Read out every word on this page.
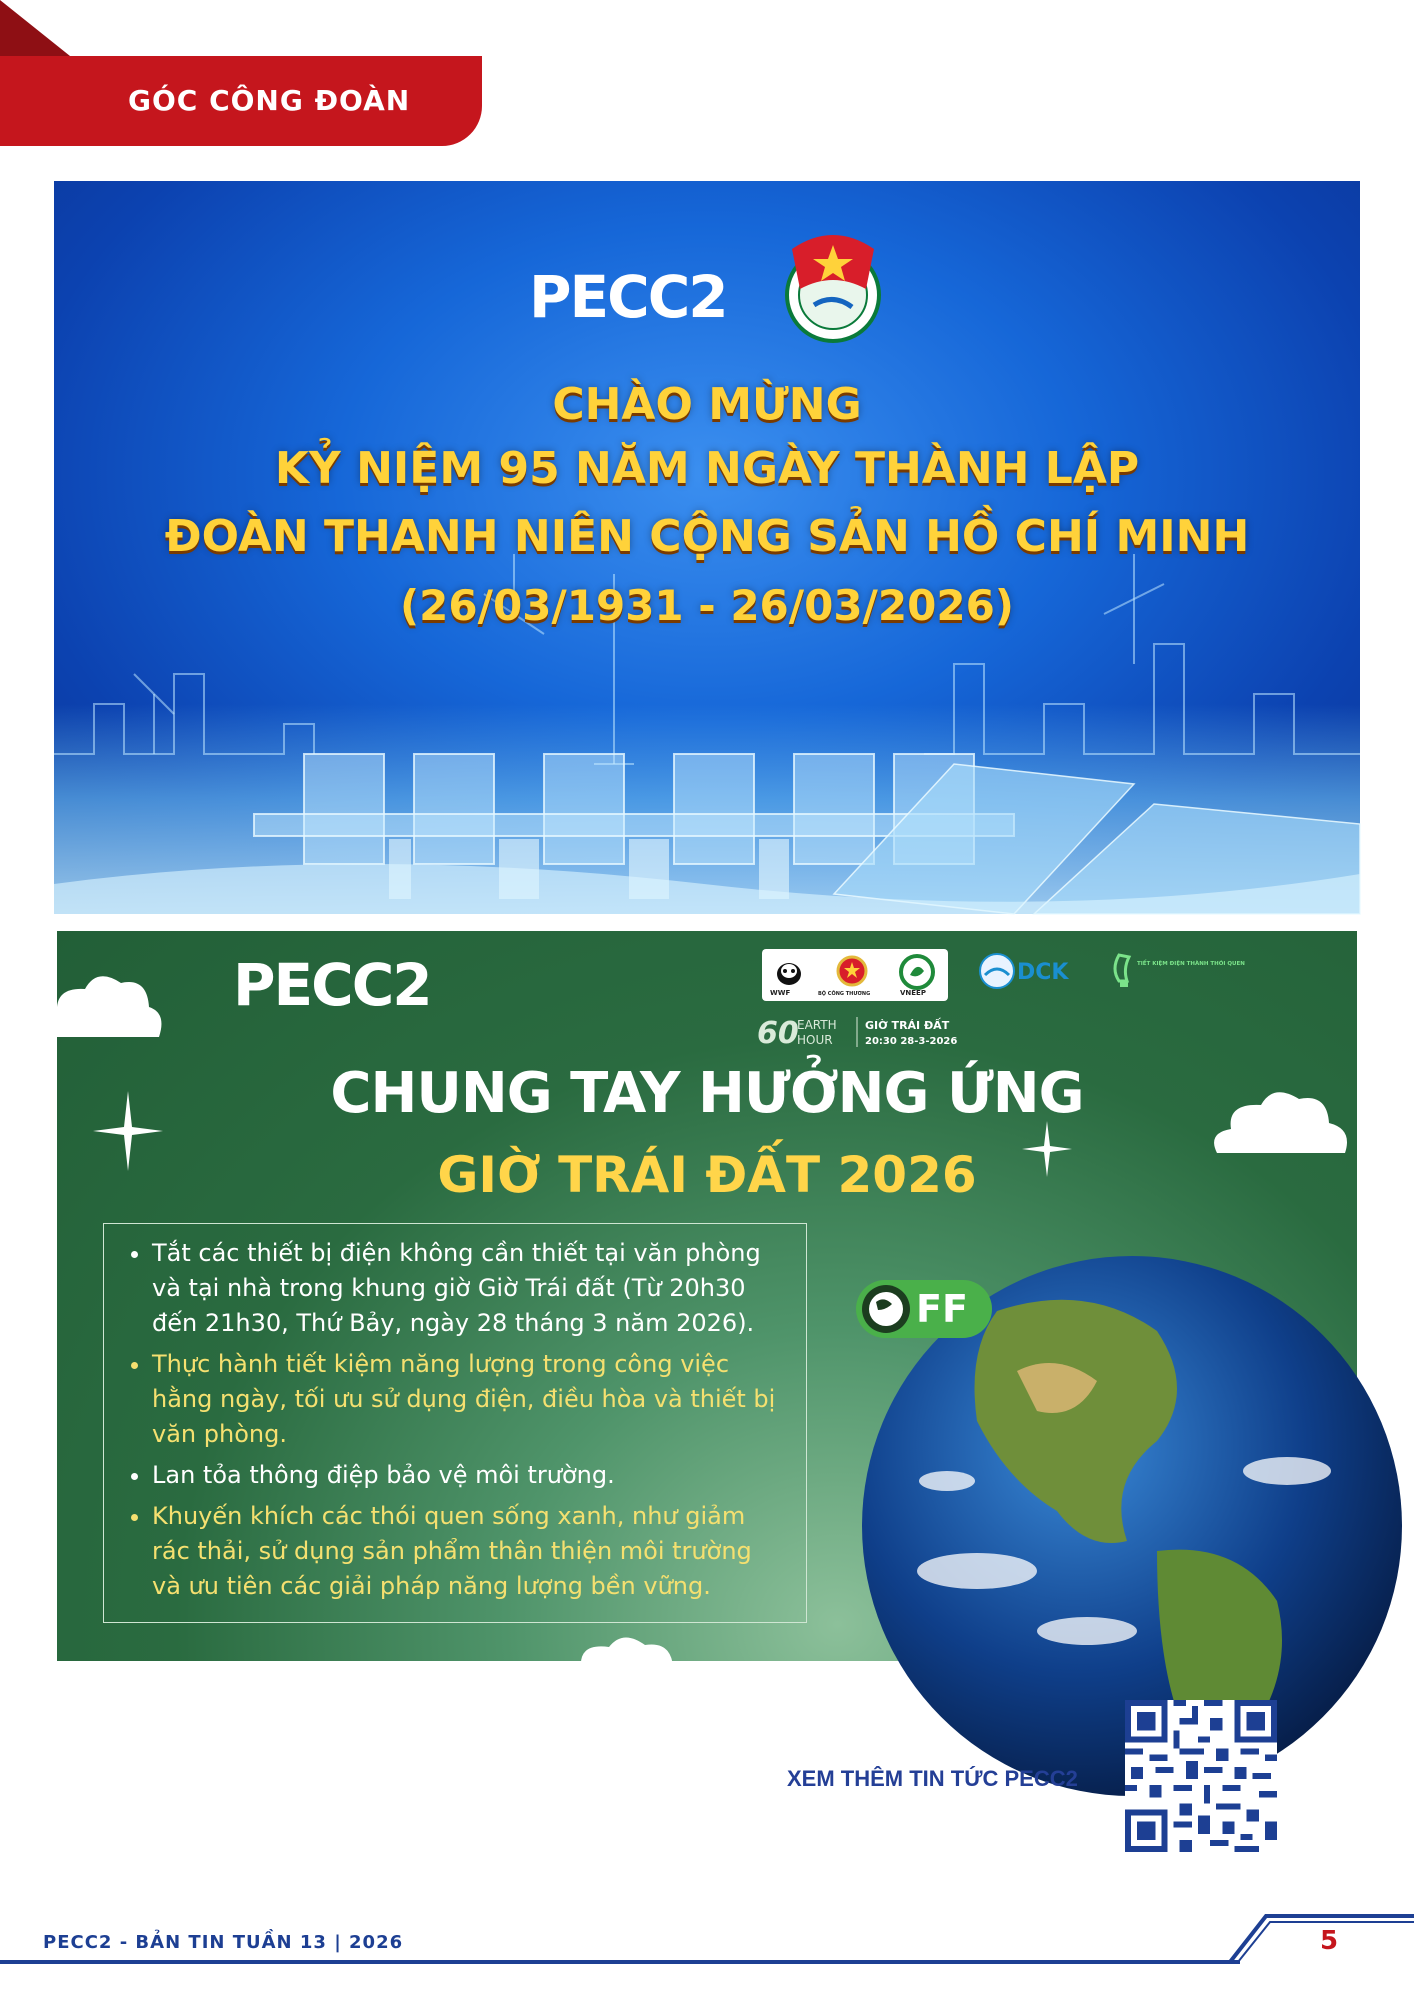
GÓC CÔNG ĐOÀN
PECC2
CHÀO MỪNG
KỶ NIỆM 95 NĂM NGÀY THÀNH LẬP
ĐOÀN THANH NIÊN CỘNG SẢN HỒ CHÍ MINH
(26/03/1931 - 26/03/2026)
PECC2	WWF	BỘ CÔNG THƯƠNG	VNEEP
DCK	TIẾT KIỆM ĐIỆN THÀNH THÓI QUEN
60
EARTH
HOUR
GIỜ TRÁI ĐẤT
20:30 28-3-2026
CHUNG TAY HƯỞNG ỨNG
GIỜ TRÁI ĐẤT 2026
FF
• Tắt các thiết bị điện không cần thiết tại văn phòng và tại nhà trong khung giờ Giờ Trái đất (Từ 20h30 đến 21h30, Thứ Bảy, ngày 28 tháng 3 năm 2026).
• Thực hành tiết kiệm năng lượng trong công việc hằng ngày, tối ưu sử dụng điện, điều hòa và thiết bị văn phòng.
• Lan tỏa thông điệp bảo vệ môi trường.
• Khuyến khích các thói quen sống xanh, như giảm rác thải, sử dụng sản phẩm thân thiện môi trường và ưu tiên các giải pháp năng lượng bền vững.
XEM THÊM TIN TỨC PECC2
PECC2 - BẢN TIN TUẦN 13 | 2026	5
